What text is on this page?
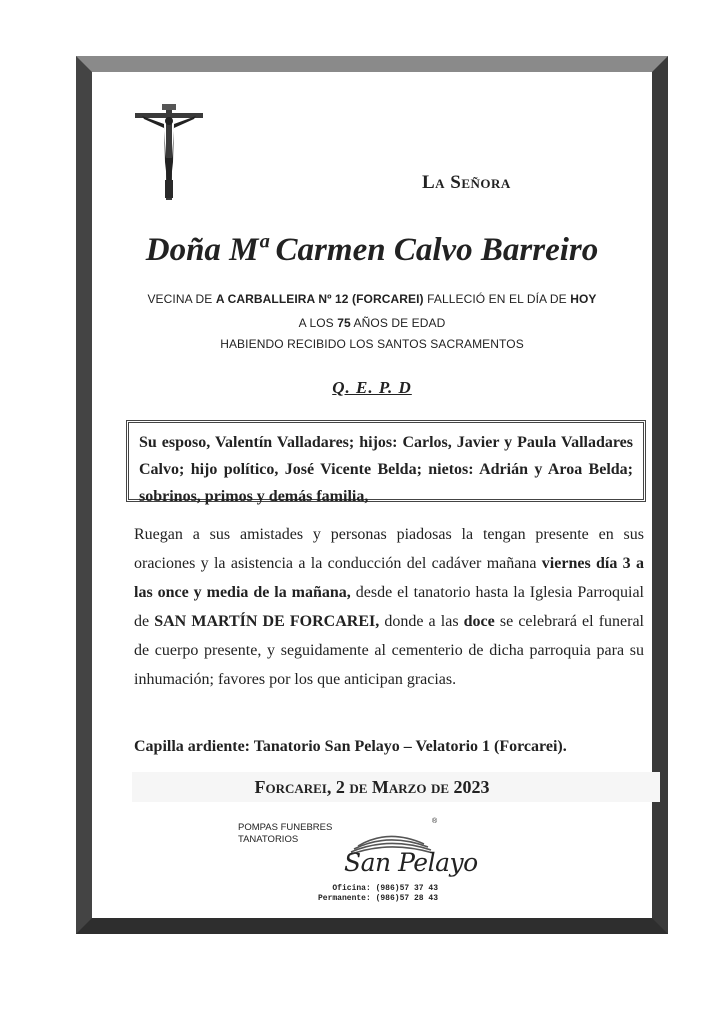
La Señora
Doña Mª Carmen Calvo Barreiro
VECINA DE A CARBALLEIRA Nº 12 (FORCAREI) FALLECIÓ EN EL DÍA DE HOY
A LOS 75 AÑOS DE EDAD
HABIENDO RECIBIDO LOS SANTOS SACRAMENTOS
Q. E. P. D
Su esposo, Valentín Valladares; hijos: Carlos, Javier y Paula Valladares Calvo; hijo político, José Vicente Belda; nietos: Adrián y Aroa Belda; sobrinos, primos y demás familia,
Ruegan a sus amistades y personas piadosas la tengan presente en sus oraciones y la asistencia a la conducción del cadáver mañana viernes día 3 a las once y media de la mañana, desde el tanatorio hasta la Iglesia Parroquial de SAN MARTÍN DE FORCAREI, donde a las doce se celebrará el funeral de cuerpo presente, y seguidamente al cementerio de dicha parroquia para su inhumación; favores por los que anticipan gracias.
Capilla ardiente: Tanatorio San Pelayo – Velatorio 1 (Forcarei).
Forcarei, 2 de Marzo de 2023
POMPAS FUNEBRES
TANATORIOS
San Pelayo
®
Oficina: (986)57 37 43
Permanente: (986)57 28 43
